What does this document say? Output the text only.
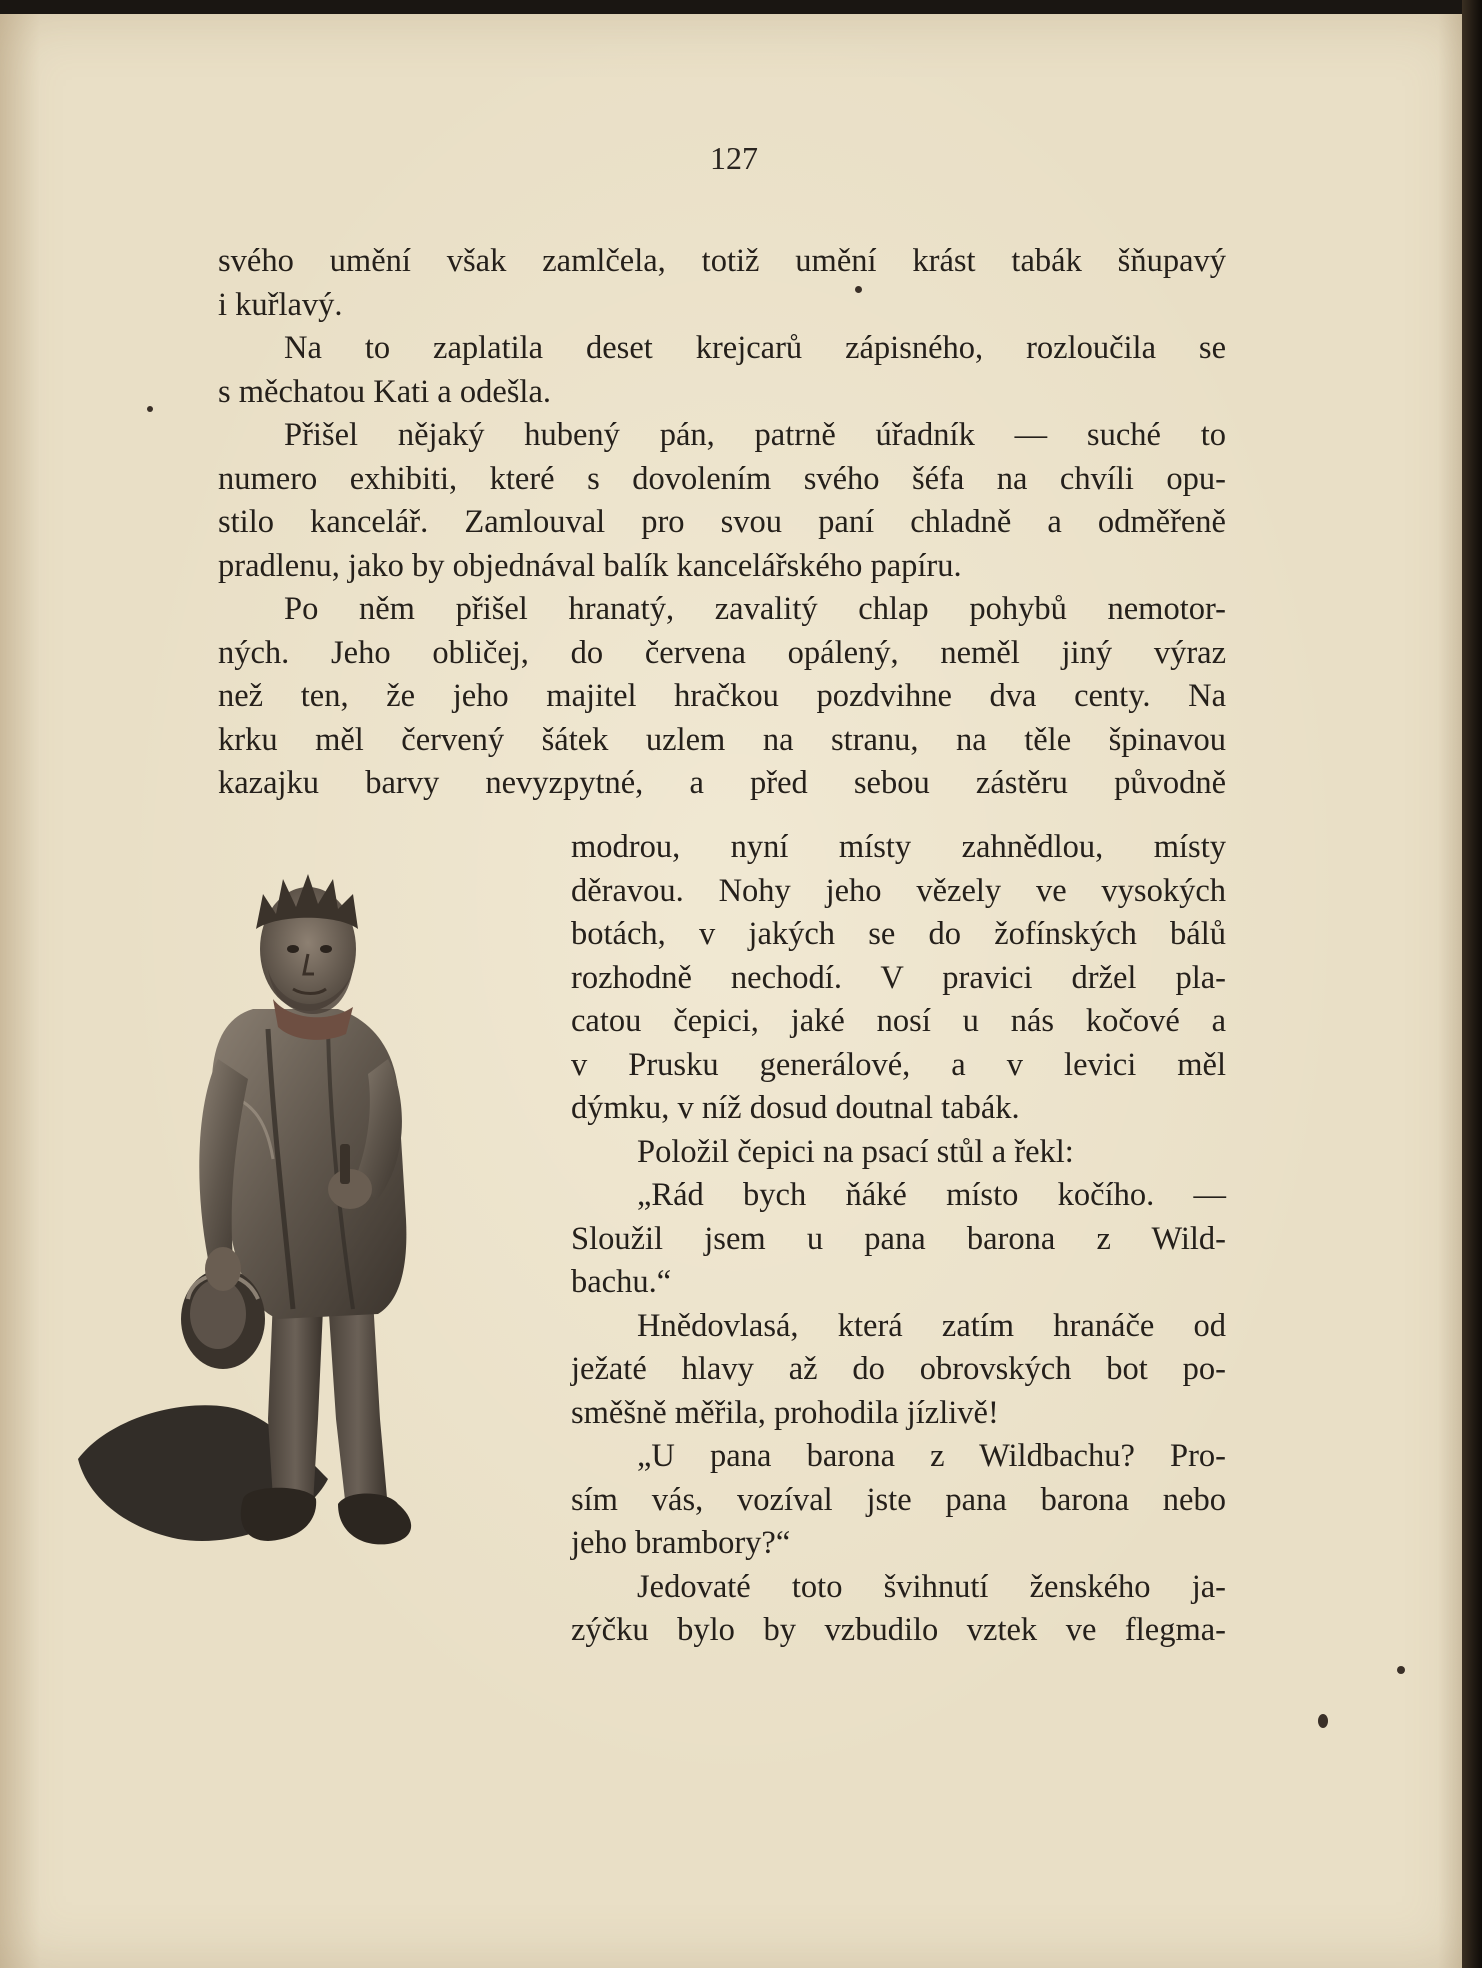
127
svého umění však zamlčela, totiž umění krást tabák šňupavý
i kuřlavý.
Na to zaplatila deset krejcarů zápisného, rozloučila se
s měchatou Kati a odešla.
Přišel nějaký hubený pán, patrně úřadník — suché to
numero exhibiti, které s dovolením svého šéfa na chvíli opu-
stilo kancelář. Zamlouval pro svou paní chladně a odměřeně
pradlenu, jako by objednával balík kancelářského papíru.
Po něm přišel hranatý, zavalitý chlap pohybů nemotor-
ných. Jeho obličej, do červena opálený, neměl jiný výraz
než ten, že jeho majitel hračkou pozdvihne dva centy. Na
krku měl červený šátek uzlem na stranu, na těle špinavou
kazajku barvy nevyzpytné, a před sebou zástěru původně
modrou, nyní místy zahnědlou, místy
děravou. Nohy jeho vězely ve vysokých
botách, v jakých se do žofínských bálů
rozhodně nechodí. V pravici držel pla-
catou čepici, jaké nosí u nás kočové a
v Prusku generálové, a v levici měl
dýmku, v níž dosud doutnal tabák.
Položil čepici na psací stůl a řekl:
„Rád bych ňáké místo kočího. —
Sloužil jsem u pana barona z Wild-
bachu.“
Hnědovlasá, která zatím hranáče od
ježaté hlavy až do obrovských bot po-
směšně měřila, prohodila jízlivě!
„U pana barona z Wildbachu? Pro-
sím vás, vozíval jste pana barona nebo
jeho brambory?“
Jedovaté toto švihnutí ženského ja-
zýčku bylo by vzbudilo vztek ve flegma-
